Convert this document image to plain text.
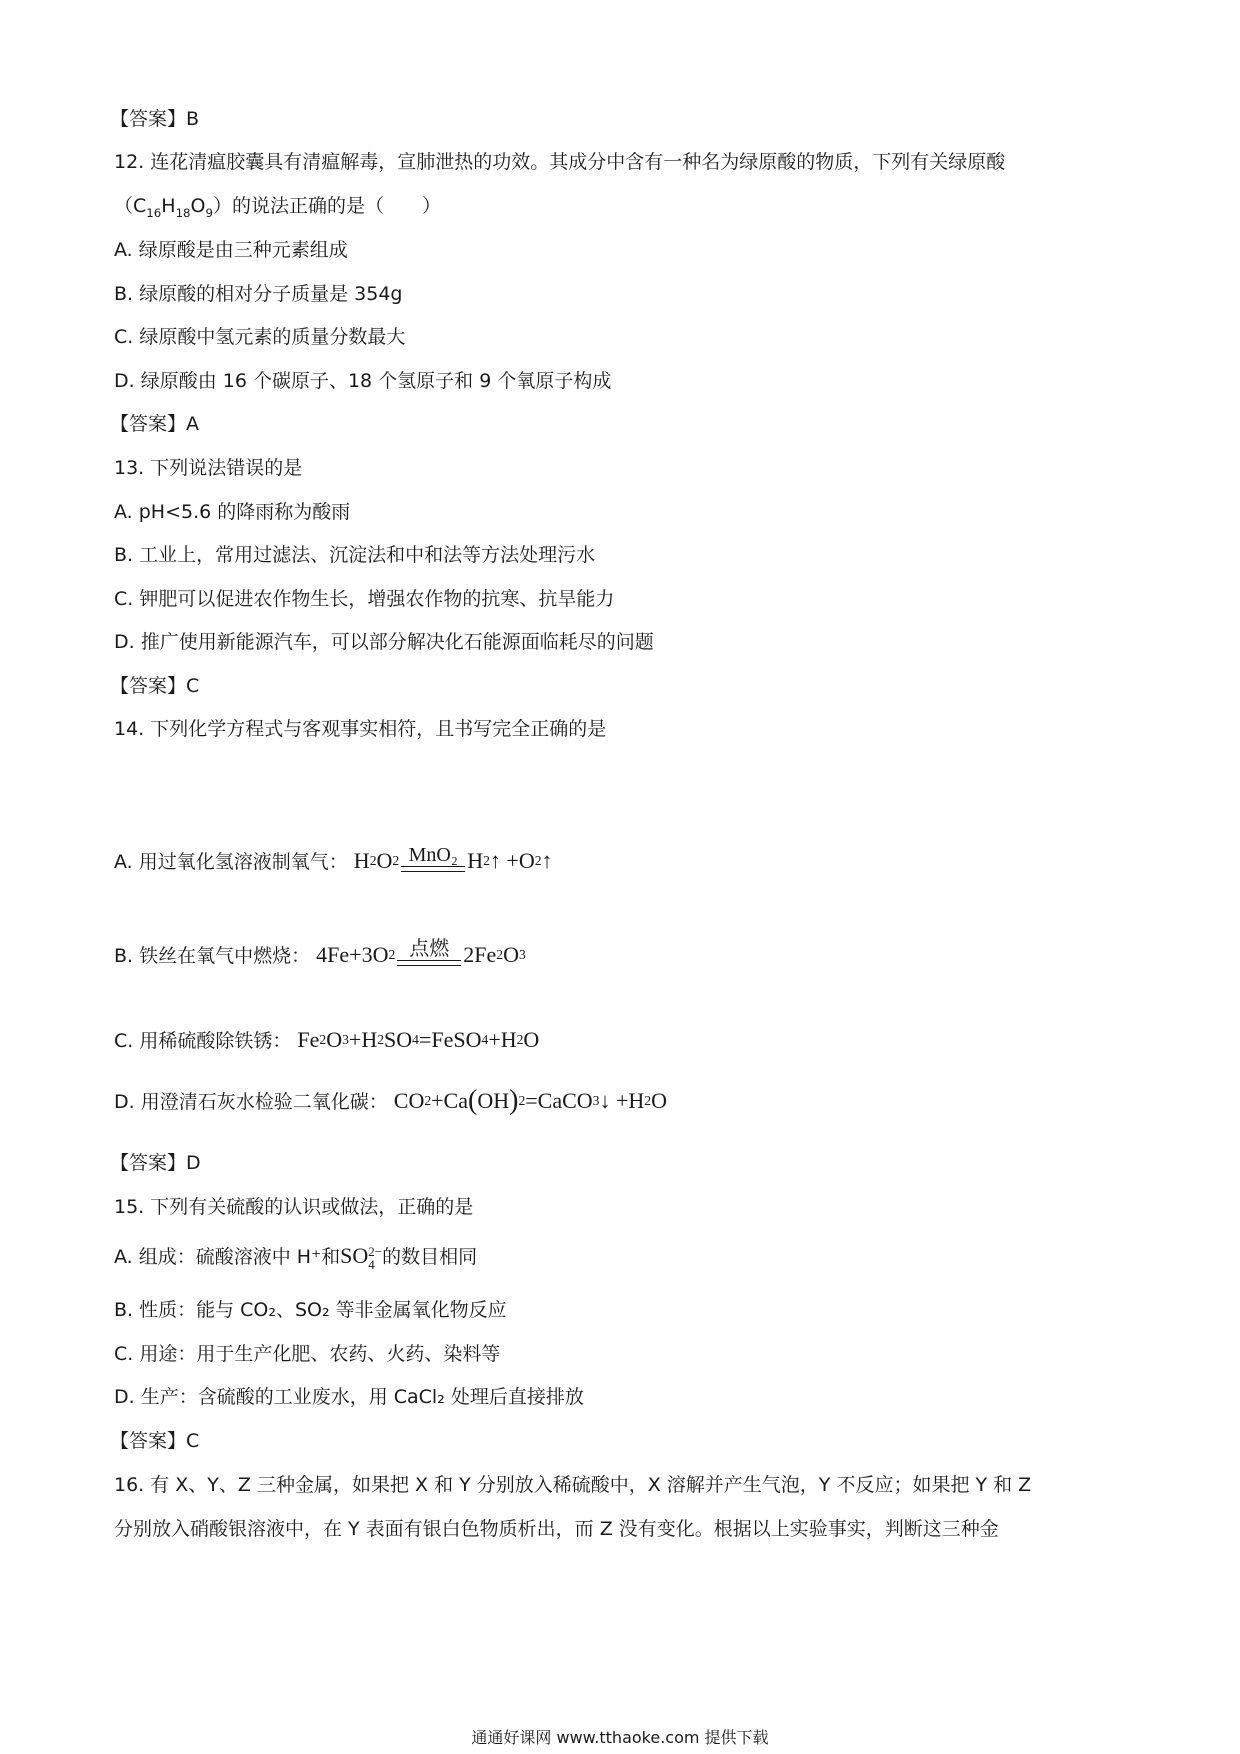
【答案】B
12. 连花清瘟胶囊具有清瘟解毒，宣肺泄热的功效。其成分中含有一种名为绿原酸的物质，下列有关绿原酸
$(C_{16}H_{18}O_9)$的说法正确的是（　　）
A. 绿原酸是由三种元素组成
B. 绿原酸的相对分子质量是 354g
C. 绿原酸中氢元素的质量分数最大
D. 绿原酸由 16 个碳原子、18 个氢原子和 9 个氧原子构成
【答案】A
13. 下列说法错误的是
A. pH<5.6 的降雨称为酸雨
B. 工业上，常用过滤法、沉淀法和中和法等方法处理污水
C. 钾肥可以促进农作物生长，增强农作物的抗寒、抗旱能力
D. 推广使用新能源汽车，可以部分解决化石能源面临耗尽的问题
【答案】C
14. 下列化学方程式与客观事实相符，且书写完全正确的是
A. 用过氧化氢溶液制氧气： H 2 O 2 MnO₂ H 2 ↑ +O 2 ↑
B. 铁丝在氧气中燃烧： 4Fe+3O 2 点燃 2Fe 2 O 3
C. 用稀硫酸除铁锈： Fe 2 O 3 +H 2 SO 4 =FeSO 4 +H 2 O
D. 用澄清石灰水检验二氧化碳： CO 2 +Ca ( OH ) 2 =CaCO 3 ↓ +H 2 O
【答案】D
15. 下列有关硫酸的认识或做法，正确的是
A. 组成：硫酸溶液中 H⁺和SO 2−
4 的数目相同
B. 性质：能与 CO₂、SO₂ 等非金属氧化物反应
C. 用途：用于生产化肥、农药、火药、染料等
D. 生产：含硫酸的工业废水，用 CaCl₂ 处理后直接排放
【答案】C
16. 有 X、Y、Z 三种金属，如果把 X 和 Y 分别放入稀硫酸中，X 溶解并产生气泡，Y 不反应；如果把 Y 和 Z
分别放入硝酸银溶液中，在 Y 表面有银白色物质析出，而 Z 没有变化。根据以上实验事实，判断这三种金
通通好课网 www.tthaoke.com 提供下载
